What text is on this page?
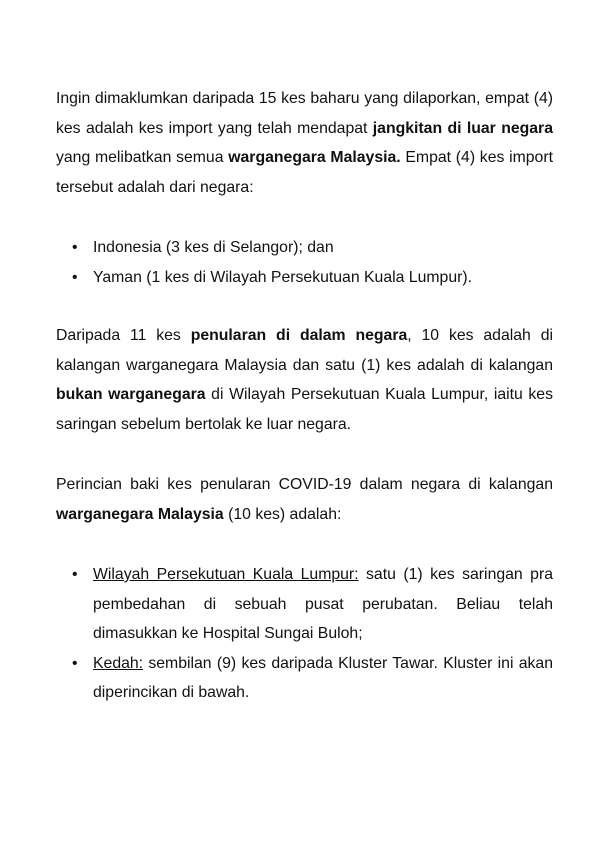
Ingin dimaklumkan daripada 15 kes baharu yang dilaporkan, empat (4) kes adalah kes import yang telah mendapat jangkitan di luar negara yang melibatkan semua warganegara Malaysia. Empat (4) kes import tersebut adalah dari negara:

• Indonesia (3 kes di Selangor); dan
• Yaman (1 kes di Wilayah Persekutuan Kuala Lumpur).

Daripada 11 kes penularan di dalam negara, 10 kes adalah di kalangan warganegara Malaysia dan satu (1) kes adalah di kalangan bukan warganegara di Wilayah Persekutuan Kuala Lumpur, iaitu kes saringan sebelum bertolak ke luar negara.

Perincian baki kes penularan COVID-19 dalam negara di kalangan warganegara Malaysia (10 kes) adalah:

• Wilayah Persekutuan Kuala Lumpur: satu (1) kes saringan pra pembedahan di sebuah pusat perubatan. Beliau telah dimasukkan ke Hospital Sungai Buloh;
• Kedah: sembilan (9) kes daripada Kluster Tawar. Kluster ini akan diperincikan di bawah.
